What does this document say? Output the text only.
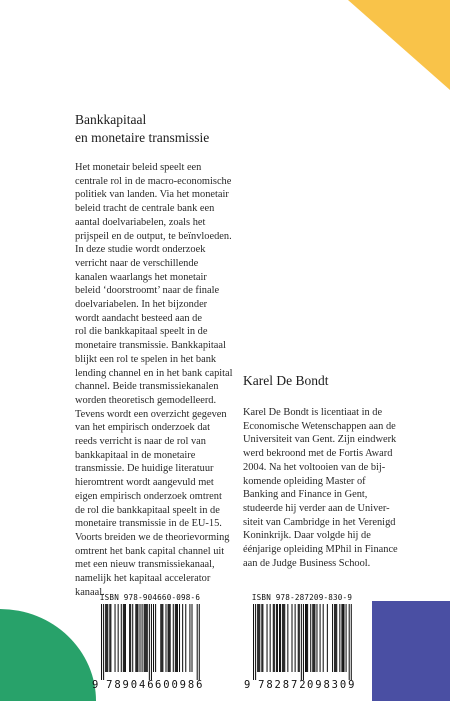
Bankkapitaal
en monetaire transmissie
Het monetair beleid speelt een
centrale rol in de macro-economische
politiek van landen. Via het monetair
beleid tracht de centrale bank een
aantal doelvariabelen, zoals het
prijspeil en de output, te beïnvloeden.
In deze studie wordt onderzoek
verricht naar de verschillende
kanalen waarlangs het monetair
beleid ‘doorstroomt’ naar de finale
doelvariabelen. In het bijzonder
wordt aandacht besteed aan de
rol die bankkapitaal speelt in de
monetaire transmissie. Bankkapitaal
blijkt een rol te spelen in het bank
lending channel en in het bank capital
channel. Beide transmissiekanalen
worden theoretisch gemodelleerd.
Tevens wordt een overzicht gegeven
van het empirisch onderzoek dat
reeds verricht is naar de rol van
bankkapitaal in de monetaire
transmissie. De huidige literatuur
hieromtrent wordt aangevuld met
eigen empirisch onderzoek omtrent
de rol die bankkapitaal speelt in de
monetaire transmissie in de EU-15.
Voorts breiden we de theorievorming
omtrent het bank capital channel uit
met een nieuw transmissiekanaal,
namelijk het kapitaal accelerator
kanaal.
Karel De Bondt
Karel De Bondt is licentiaat in de
Economische Wetenschappen aan de
Universiteit van Gent. Zijn eindwerk
werd bekroond met de Fortis Award
2004. Na het voltooien van de bij-
komende opleiding Master of
Banking and Finance in Gent,
studeerde hij verder aan de Univer-
siteit van Cambridge in het Verenigd
Koninkrijk. Daar volgde hij de
éénjarige opleiding MPhil in Finance
aan de Judge Business School.
ISBN 978-904660-098-6
9 789046 600986
ISBN 978-287209-830-9
9 782872 098309
